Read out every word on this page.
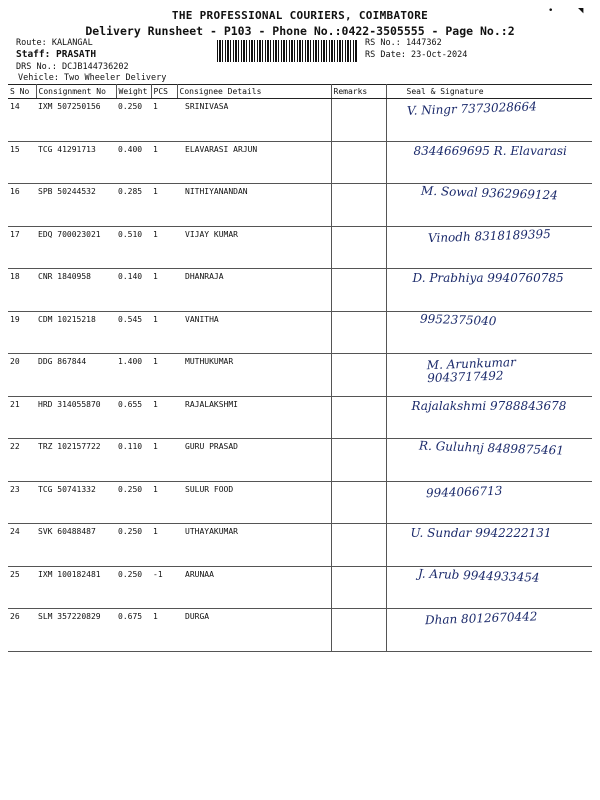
•	◥
THE PROFESSIONAL COURIERS, COIMBATORE
Delivery Runsheet - P103 - Phone No.:0422-3505555 - Page No.:2
Route: KALANGAL
Staff: PRASATH
DRS No.: DCJB144736202
Vehicle: Two Wheeler Delivery
RS No.: 1447362
RS Date: 23-Oct-2024
S No	Consignment No	Weight	PCS	Consignee Details	Remarks	Seal & Signature
14	IXM 507250156	0.250	1	SRINIVASA		V. Ningr 7373028664

15	TCG 41291713	0.400	1	ELAVARASI ARJUN		8344669695 R. Elavarasi

16	SPB 50244532	0.285	1	NITHIYANANDAN		M. Sowal 9362969124

17	EDQ 700023021	0.510	1	VIJAY KUMAR		Vinodh 8318189395

18	CNR 1840958	0.140	1	DHANRAJA		D. Prabhiya 9940760785

19	CDM 10215218	0.545	1	VANITHA		9952375040

20	DDG 867844	1.400	1	MUTHUKUMAR		M. Arunkumar 9043717492

21	HRD 314055870	0.655	1	RAJALAKSHMI		Rajalakshmi 9788843678

22	TRZ 102157722	0.110	1	GURU PRASAD		R. Guluhnj 8489875461

23	TCG 50741332	0.250	1	SULUR FOOD		9944066713

24	SVK 60488487	0.250	1	UTHAYAKUMAR		U. Sundar 9942222131

25	IXM 100182481	0.250	-1	ARUNAA		J. Arub 9944933454

26	SLM 357220829	0.675	1	DURGA		Dhan 8012670442
